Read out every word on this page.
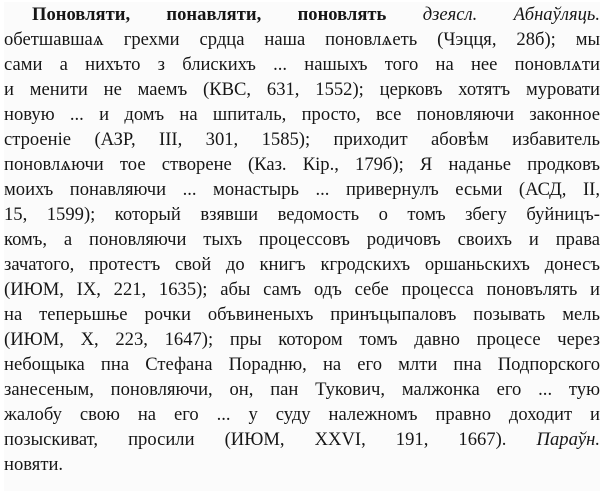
Поновляти, понавляти, поновлять дзеясл. Абнаўляць.
обетшавшаѧ грехми срдца наша поновлѧеть (Чэцця, 28б); мы
сами а нихъто з блискихъ ... нашыхъ того на нее поновлѧти
и менити не маемъ (КВС, 631, 1552); церковъ хотятъ муровати
новую ... и домъ на шпиталь, просто, все поновляючи законное
строеніе (АЗР, III, 301, 1585); приходит абовѣм избавитель
поновлѧючи тое створене (Каз. Кір., 179б); Я наданье продковъ
моихъ понавляючи ... монастырь ... привернулъ есьми (АСД, II,
15, 1599); который взявши ведомость о томъ збегу буйницъ-
комъ, а поновляючи тыхъ процессовъ родичовъ своихъ и права
зачатого, протестъ свой до книгъ кгродскихъ оршаньскихъ донесъ
(ИЮМ, IX, 221, 1635); абы самъ одъ себе процесса поновълять и
на теперьшње рочки объвиненыхъ принъцыпаловъ позывать мель
(ИЮМ, X, 223, 1647); пры котором томъ давно процесе через
небощыка пна Стефана Порадню, на его млти пна Подпорского
занесеным, поновляючи, он, пан Тукович, малжонка его ... тую
жалобу свою на его ... у суду належномъ правно доходит и
позыскиват, просили (ИЮМ, XXVI, 191, 1667). Параўн.
новяти.
